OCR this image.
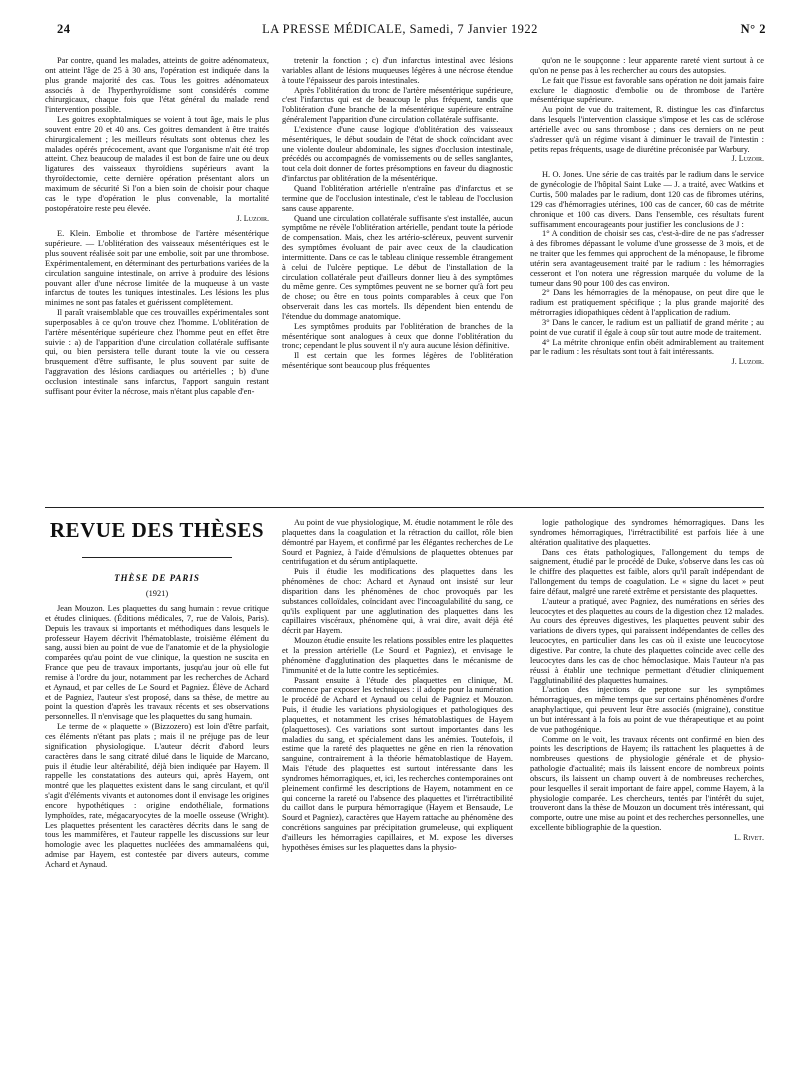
24	LA PRESSE MÉDICALE, Samedi, 7 Janvier 1922	N° 2

Par contre, quand les malades, atteints de goitre adénomateux, ont atteint l'âge de 25 à 30 ans, l'opération est indiquée dans la plus grande majorité des cas. Tous les goitres adénomateux associés à de l'hyperthyroïdisme sont considérés comme chirurgicaux, chaque fois que l'état général du malade rend l'intervention possible.

Les goitres exophtalmiques se voient à tout âge, mais le plus souvent entre 20 et 40 ans. Ces goitres demandent à être traités chirurgicalement ; les meilleurs résultats sont obtenus chez les malades opérés précocement, avant que l'organisme n'ait été trop atteint. Chez beaucoup de malades il est bon de faire une ou deux ligatures des vaisseaux thyroïdiens supérieurs avant la thyroïdectomie, cette dernière opération présentant alors un maximum de sécurité Si l'on a bien soin de choisir pour chaque cas le type d'opération le plus convenable, la mortalité postopératoire reste peu élevée.

J. Luzoir.

E. Klein. Embolie et thrombose de l'artère mésentérique supérieure. — L'oblitération des vaisseaux mésentériques est le plus souvent réalisée soit par une embolie, soit par une thrombose. Expérimentalement, en déterminant des perturbations variées de la circulation sanguine intestinale, on arrive à produire des lésions pouvant aller d'une nécrose limitée de la muqueuse à un vaste infarctus de toutes les tuniques intestinales. Les lésions les plus minimes ne sont pas fatales et guérissent complètement.

Il paraît vraisemblable que ces trouvailles expérimentales sont superposables à ce qu'on trouve chez l'homme. L'oblitération de l'artère mésentérique supérieure chez l'homme peut en effet être suivie : a) de l'apparition d'une circulation collatérale suffisante qui, ou bien persistera telle durant toute la vie ou cessera brusquement d'être suffisante, le plus souvent par suite de l'aggravation des lésions cardiaques ou artérielles ; b) d'une occlusion intestinale sans infarctus, l'apport sanguin restant suffisant pour éviter la nécrose, mais n'étant plus capable d'en-

tretenir la fonction ; c) d'un infarctus intestinal avec lésions variables allant de lésions muqueuses légères à une nécrose étendue à toute l'épaisseur des parois intestinales.

Après l'oblitération du tronc de l'artère mésentérique supérieure, c'est l'infarctus qui est de beaucoup le plus fréquent, tandis que l'oblitération d'une branche de la mésentérique supérieure entraîne généralement l'apparition d'une circulation collatérale suffisante.

L'existence d'une cause logique d'oblitération des vaisseaux mésentériques, le début soudain de l'état de shock coïncidant avec une violente douleur abdominale, les signes d'occlusion intestinale, précédés ou accompagnés de vomissements ou de selles sanglantes, tout cela doit donner de fortes présomptions en faveur du diagnostic d'infarctus par oblitération de la mésentérique.

Quand l'oblitération artérielle n'entraîne pas d'infarctus et se termine que de l'occlusion intestinale, c'est le tableau de l'occlusion sans cause apparente.

Quand une circulation collatérale suffisante s'est installée, aucun symptôme ne révèle l'oblitération artérielle, pendant toute la période de compensation. Mais, chez les artério-scléreux, peuvent survenir des symptômes évoluant de pair avec ceux de la claudication intermittente. Dans ce cas le tableau clinique ressemble étrangement à celui de l'ulcère peptique. Le début de l'installation de la circulation collatérale peut d'ailleurs donner lieu à des symptômes du même genre. Ces symptômes peuvent ne se borner qu'à fort peu de chose; ou être en tous points comparables à ceux que l'on observerait dans les cas mortels. Ils dépendent bien entendu de l'étendue du dommage anatomique.

Les symptômes produits par l'oblitération de branches de la mésentérique sont analogues à ceux que donne l'oblitération du tronc; cependant le plus souvent il n'y aura aucune lésion définitive.

Il est certain que les formes légères de l'oblitération mésentérique sont beaucoup plus fréquentes

qu'on ne le soupçonne : leur apparente rareté vient surtout à ce qu'on ne pense pas à les rechercher au cours des autopsies.

Le fait que l'issue est favorable sans opération ne doit jamais faire exclure le diagnostic d'embolie ou de thrombose de l'artère mésentérique supérieure.

Au point de vue du traitement, R. distingue les cas d'infarctus dans lesquels l'intervention classique s'impose et les cas de sclérose artérielle avec ou sans thrombose ; dans ces derniers on ne peut s'adresser qu'à un régime visant à diminuer le travail de l'intestin : petits repas fréquents, usage de diurétine préconisée par Warbury.

J. Luzoir.

H. O. Jones. Une série de cas traités par le radium dans le service de gynécologie de l'hôpital Saint Luke — J. a traité, avec Watkins et Curtis, 500 malades par le radium, dont 120 cas de fibromes utérins, 129 cas d'hémorragies utérines, 100 cas de cancer, 60 cas de métrite chronique et 100 cas divers. Dans l'ensemble, ces résultats furent suffisamment encourageants pour justifier les conclusions de J :

1° A condition de choisir ses cas, c'est-à-dire de ne pas s'adresser à des fibromes dépassant le volume d'une grossesse de 3 mois, et de ne traiter que les femmes qui approchent de la ménopause, le fibrome utérin sera avantageusement traité par le radium : les hémorragies cesseront et l'on notera une régression marquée du volume de la tumeur dans 90 pour 100 des cas environ.

2° Dans les hémorragies de la ménopause, on peut dire que le radium est pratiquement spécifique ; la plus grande majorité des métrorragies idiopathiques cèdent à l'application de radium.

3° Dans le cancer, le radium est un palliatif de grand mérite ; au point de vue curatif il égale à coup sûr tout autre mode de traitement.

4° La métrite chronique enfin obéit admirablement au traitement par le radium : les résultats sont tout à fait intéressants.

J. Luzoir.

REVUE DES THÈSES
THÈSE DE PARIS
(1921)

Jean Mouzon. Les plaquettes du sang humain : revue critique et études cliniques. (Éditions médicales, 7, rue de Valois, Paris). Depuis les travaux si importants et méthodiques dans lesquels le professeur Hayem décrivit l'hématoblaste, troisième élément du sang, aussi bien au point de vue de l'anatomie et de la physiologie comparées qu'au point de vue clinique, la question ne suscita en France que peu de travaux importants, jusqu'au jour où elle fut remise à l'ordre du jour, notamment par les recherches de Achard et Aynaud, et par celles de Le Sourd et Pagniez. Élève de Achard et de Pagniez, l'auteur s'est proposé, dans sa thèse, de mettre au point la question d'après les travaux récents et ses observations personnelles. Il n'envisage que les plaquettes du sang humain.

Le terme de « plaquette » (Bizzozero) est loin d'être parfait, ces éléments n'étant pas plats ; mais il ne préjuge pas de leur signification physiologique. L'auteur décrit d'abord leurs caractères dans le sang citraté dilué dans le liquide de Marcano, puis il étudie leur altérabilité, déjà bien indiquée par Hayem. Il rappelle les constatations des auteurs qui, après Hayem, ont montré que les plaquettes existent dans le sang circulant, et qu'il s'agit d'éléments vivants et autonomes dont il envisage les origines encore hypothétiques : origine endothéliale, formations lymphoïdes, rate, mégacaryocytes de la moelle osseuse (Wright). Les plaquettes présentent les caractères décrits dans le sang de tous les mammifères, et l'auteur rappelle les discussions sur leur homologie avec les plaquettes nucléées des ammamaléens qui, admise par Hayem, est contestée par divers auteurs, comme Achard et Aynaud.

Au point de vue physiologique, M. étudie notamment le rôle des plaquettes dans la coagulation et la rétraction du caillot, rôle bien démontré par Hayem, et confirmé par les élégantes recherches de Le Sourd et Pagniez, à l'aide d'émulsions de plaquettes obtenues par centrifugation et du sérum antiplaquette.

Puis il étudie les modifications des plaquettes dans les phénomènes de choc: Achard et Aynaud ont insisté sur leur disparition dans les phénomènes de choc provoqués par les substances colloïdales, coïncidant avec l'incoagulabilité du sang, ce qu'ils expliquent par une agglutination des plaquettes dans les capillaires viscéraux, phénomène qui, à vrai dire, avait déjà été décrit par Hayem.

Mouzon étudie ensuite les relations possibles entre les plaquettes et la pression artérielle (Le Sourd et Pagniez), et envisage le phénomène d'agglutination des plaquettes dans le mécanisme de l'immunité et de la lutte contre les septicémies.

Passant ensuite à l'étude des plaquettes en clinique, M. commence par exposer les techniques : il adopte pour la numération le procédé de Achard et Aynaud ou celui de Pagniez et Mouzon. Puis, il étudie les variations physiologiques et pathologiques des plaquettes, et notamment les crises hématoblastiques de Hayem (plaquettoses). Ces variations sont surtout importantes dans les maladies du sang, et spécialement dans les anémies. Toutefois, il estime que la rareté des plaquettes ne gêne en rien la rénovation sanguine, contrairement à la théorie hématoblastique de Hayem. Mais l'étude des plaquettes est surtout intéressante dans les syndromes hémorragiques, et, ici, les recherches contemporaines ont pleinement confirmé les descriptions de Hayem, notamment en ce qui concerne la rareté ou l'absence des plaquettes et l'irrétractibilité du caillot dans le purpura hémorragique (Hayem et Bensaude, Le Sourd et Pagniez), caractères que Hayem rattache au phénomène des concrétions sanguines par précipitation grumeleuse, qui expliquent d'ailleurs les hémorragies capillaires, et M. expose les diverses hypothèses émises sur les plaquettes dans la physio-

logie pathologique des syndromes hémorragiques. Dans les syndromes hémorragiques, l'irrétractibilité est parfois liée à une altération qualitative des plaquettes.

Dans ces états pathologiques, l'allongement du temps de saignement, étudié par le procédé de Duke, s'observe dans les cas où le chiffre des plaquettes est faible, alors qu'il paraît indépendant de l'allongement du temps de coagulation. Le « signe du lacet » peut faire défaut, malgré une rareté extrême et persistante des plaquettes.

L'auteur a pratiqué, avec Pagniez, des numérations en séries des leucocytes et des plaquettes au cours de la digestion chez 12 malades. Au cours des épreuves digestives, les plaquettes peuvent subir des variations de divers types, qui paraissent indépendantes de celles des leucocytes, en particulier dans les cas où il existe une leucocytose digestive. Par contre, la chute des plaquettes coïncide avec celle des leucocytes dans les cas de choc hémoclasique. Mais l'auteur n'a pas réussi à établir une technique permettant d'étudier cliniquement l'agglutinabilité des plaquettes humaines.

L'action des injections de peptone sur les symptômes hémorragiques, en même temps que sur certains phénomènes d'ordre anaphylactique, qui peuvent leur être associés (migraine), constitue un but intéressant à la fois au point de vue thérapeutique et au point de vue pathogénique.

Comme on le voit, les travaux récents ont confirmé en bien des points les descriptions de Hayem; ils rattachent les plaquettes à de nombreuses questions de physiologie générale et de physio-pathologie d'actualité; mais ils laissent encore de nombreux points obscurs, ils laissent un champ ouvert à de nombreuses recherches, pour lesquelles il serait important de faire appel, comme Hayem, à la physiologie comparée. Les chercheurs, tentés par l'intérêt du sujet, trouveront dans la thèse de Mouzon un document très intéressant, qui comporte, outre une mise au point et des recherches personnelles, une excellente bibliographie de la question.

L. Rivet.
